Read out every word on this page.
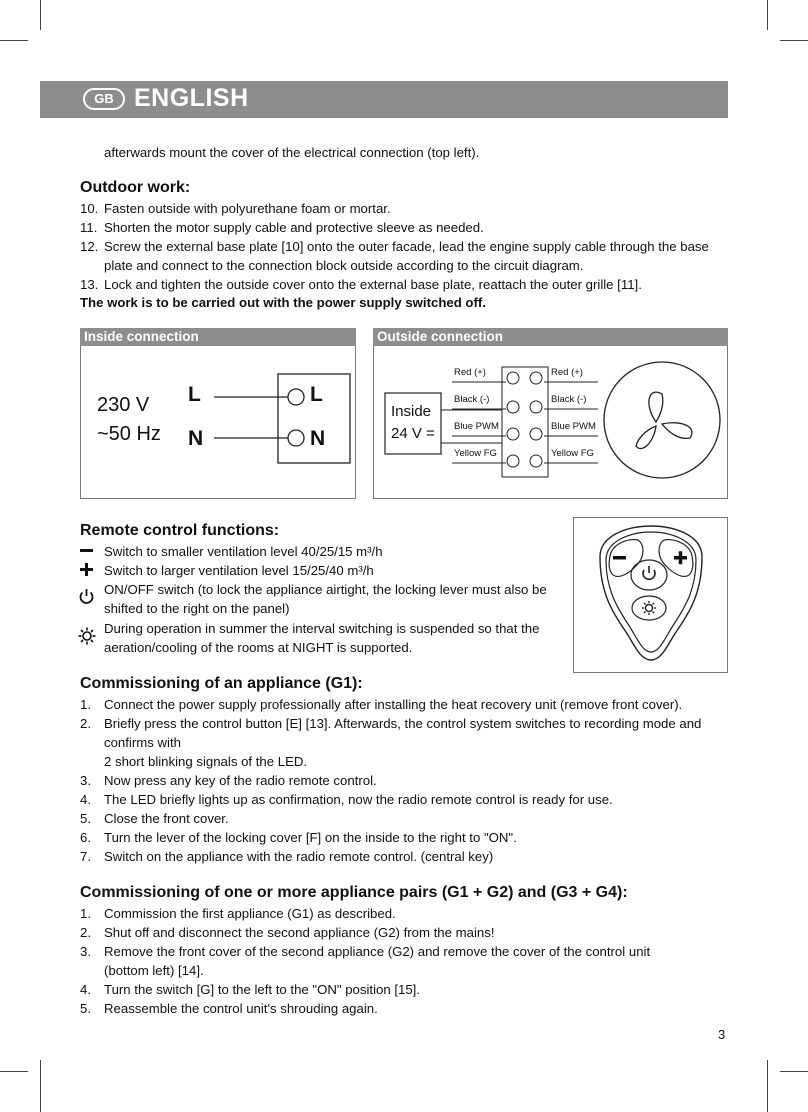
GB ENGLISH
afterwards mount the cover of the electrical connection (top left).
Outdoor work:
10. Fasten outside with polyurethane foam or mortar.
11. Shorten the motor supply cable and protective sleeve as needed.
12. Screw the external base plate [10] onto the outer facade, lead the engine supply cable through the base
plate and connect to the connection block outside according to the circuit diagram.
13. Lock and tighten the outside cover onto the external base plate, reattach the outer grille [11].
The work is to be carried out with the power supply switched off.
Inside connection
230 V
~50 Hz
L
N
L
N
Outside connection
Inside
24 V =
Red (+)
Black (-)
Blue PWM
Yellow FG
Red (+)
Black (-)
Blue PWM
Yellow FG
Remote control functions:
Switch to smaller ventilation level 40/25/15 m³/h
Switch to larger ventilation level 15/25/40 m³/h
ON/OFF switch (to lock the appliance airtight, the locking lever must also be
shifted to the right on the panel)
During operation in summer the interval switching is suspended so that the
aeration/cooling of the rooms at NIGHT is supported.
Commissioning of an appliance (G1):
1. Connect the power supply professionally after installing the heat recovery unit (remove front cover).
2. Briefly press the control button [E] [13]. Afterwards, the control system switches to recording mode and
confirms with
2 short blinking signals of the LED.
3. Now press any key of the radio remote control.
4. The LED briefly lights up as confirmation, now the radio remote control is ready for use.
5. Close the front cover.
6. Turn the lever of the locking cover [F] on the inside to the right to "ON".
7. Switch on the appliance with the radio remote control. (central key)
Commissioning of one or more appliance pairs (G1 + G2) and (G3 + G4):
1. Commission the first appliance (G1) as described.
2. Shut off and disconnect the second appliance (G2) from the mains!
3. Remove the front cover of the second appliance (G2) and remove the cover of the control unit
(bottom left) [14].
4. Turn the switch [G] to the left to the "ON" position [15].
5. Reassemble the control unit's shrouding again.
3
